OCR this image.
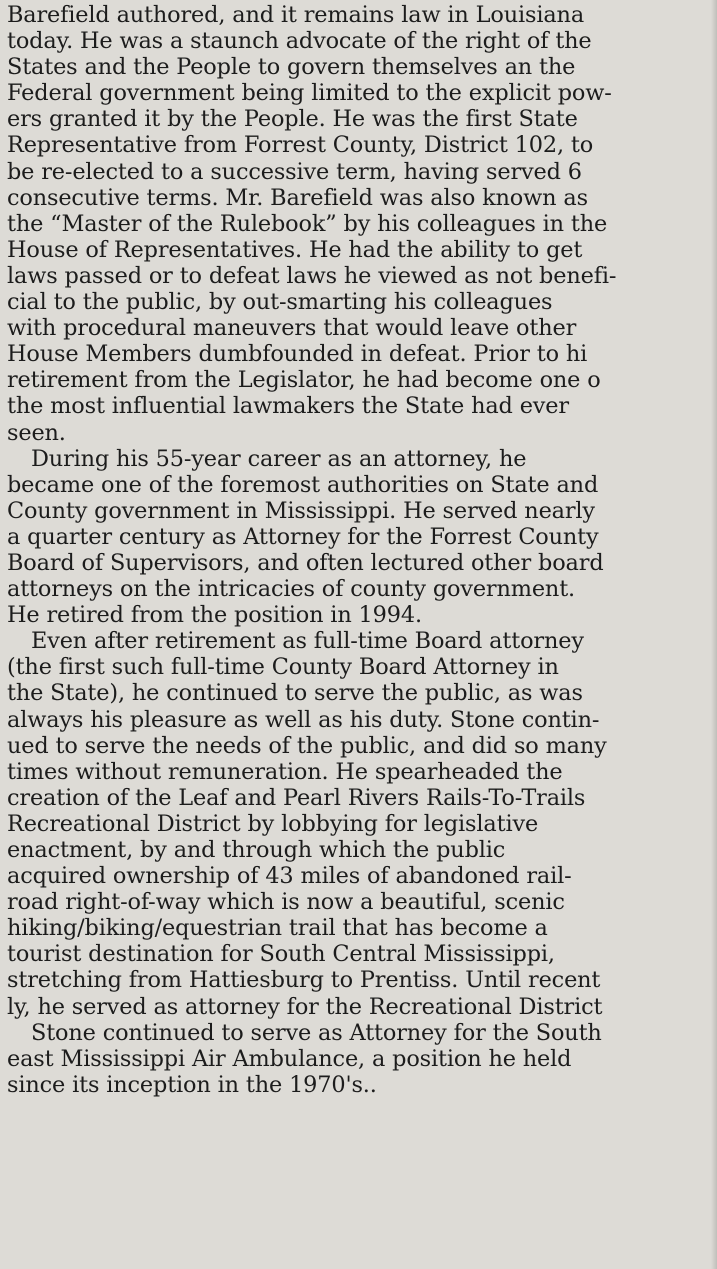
Barefield authored, and it remains law in Louisiana
today. He was a staunch advocate of the right of the
States and the People to govern themselves an the
Federal government being limited to the explicit pow-
ers granted it by the People. He was the first State
Representative from Forrest County, District 102, to
be re-elected to a successive term, having served 6
consecutive terms. Mr. Barefield was also known as
the “Master of the Rulebook” by his colleagues in the
House of Representatives. He had the ability to get
laws passed or to defeat laws he viewed as not benefi-
cial to the public, by out-smarting his colleagues
with procedural maneuvers that would leave other
House Members dumbfounded in defeat. Prior to hi
retirement from the Legislator, he had become one o
the most influential lawmakers the State had ever
seen.
During his 55-year career as an attorney, he
became one of the foremost authorities on State and
County government in Mississippi. He served nearly
a quarter century as Attorney for the Forrest County
Board of Supervisors, and often lectured other board
attorneys on the intricacies of county government.
He retired from the position in 1994.
Even after retirement as full-time Board attorney
(the first such full-time County Board Attorney in
the State), he continued to serve the public, as was
always his pleasure as well as his duty. Stone contin-
ued to serve the needs of the public, and did so many
times without remuneration. He spearheaded the
creation of the Leaf and Pearl Rivers Rails-To-Trails
Recreational District by lobbying for legislative
enactment, by and through which the public
acquired ownership of 43 miles of abandoned rail-
road right-of-way which is now a beautiful, scenic
hiking/biking/equestrian trail that has become a
tourist destination for South Central Mississippi,
stretching from Hattiesburg to Prentiss. Until recent
ly, he served as attorney for the Recreational District
Stone continued to serve as Attorney for the South
east Mississippi Air Ambulance, a position he held
since its inception in the 1970's..
